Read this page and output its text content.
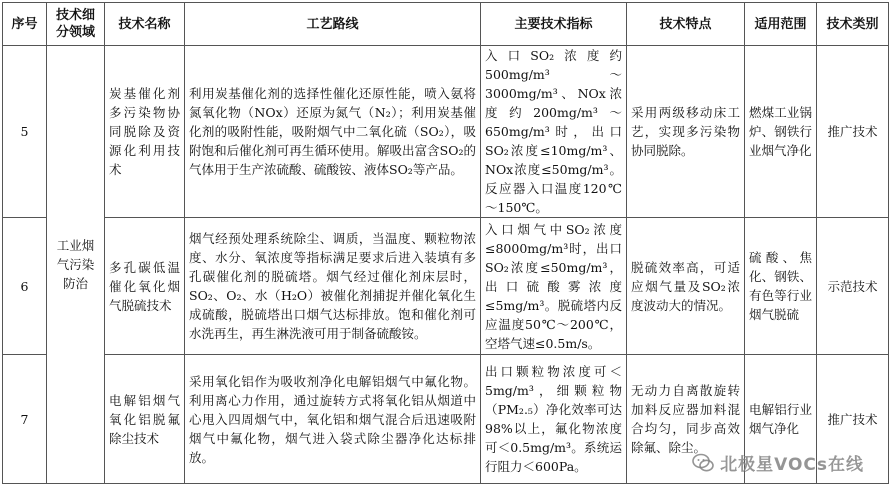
序号	技术细分领域	技术名称	工艺路线	主要技术指标	技术特点	适用范围	技术类别
5	工业烟气污染防治	炭基催化剂多污染物协同脱除及资源化利用技术	利用炭基催化剂的选择性催化还原性能，喷入氨将氮氧化物（NOx）还原为氮气（N₂）；利用炭基催化剂的吸附性能，吸附烟气中二氧化硫（SO₂），吸附饱和后催化剂可再生循环使用。解吸出富含SO₂的气体用于生产浓硫酸、硫酸铵、液体SO₂等产品。	入口SO₂浓度约500mg/m³～3000mg/m³、NOx浓度约200mg/m³～650mg/m³时，出口SO₂浓度≤10mg/m³、NOx浓度≤50mg/m³。反应器入口温度120℃～150℃。	采用两级移动床工艺，实现多污染物协同脱除。	燃煤工业锅炉、钢铁行业烟气净化	推广技术
6		多孔碳低温催化氧化烟气脱硫技术	烟气经预处理系统除尘、调质，当温度、颗粒物浓度、水分、氧浓度等指标满足要求后进入装填有多孔碳催化剂的脱硫塔。烟气经过催化剂床层时，SO₂、O₂、水（H₂O）被催化剂捕捉并催化氧化生成硫酸，脱硫塔出口烟气达标排放。饱和催化剂可水洗再生，再生淋洗液可用于制备硫酸铵。	入口烟气中SO₂浓度≤8000mg/m³时，出口SO₂浓度≤50mg/m³，出口硫酸雾浓度≤5mg/m³。脱硫塔内反应温度50℃～200℃，空塔气速≤0.5m/s。	脱硫效率高，可适应烟气量及SO₂浓度波动大的情况。	硫酸、焦化、钢铁、有色等行业烟气脱硫	示范技术
7		电解铝烟气氧化铝脱氟除尘技术	采用氧化铝作为吸收剂净化电解铝烟气中氟化物。利用离心力作用，通过旋转方式将氧化铝从烟道中心甩入四周烟气中，氧化铝和烟气混合后迅速吸附烟气中氟化物，烟气进入袋式除尘器净化达标排放。	出口颗粒物浓度可＜5mg/m³，细颗粒物（PM₂.₅）净化效率可达98%以上，氟化物浓度可＜0.5mg/m³。系统运行阻力＜600Pa。	无动力自离散旋转加料反应器加料混合均匀，同步高效除氟、除尘。	电解铝行业烟气净化	推广技术
北极星VOCs在线
